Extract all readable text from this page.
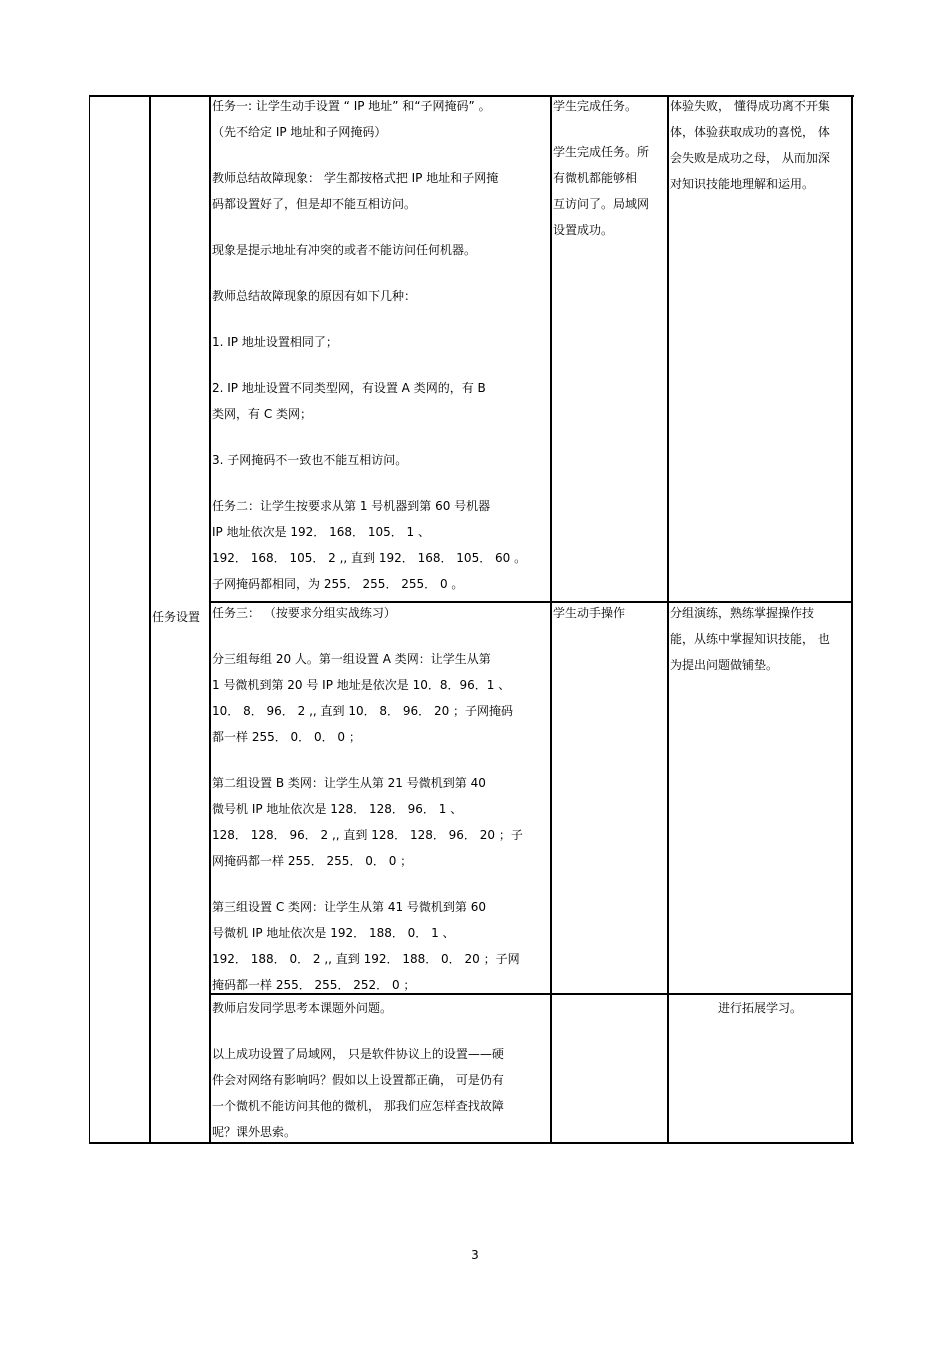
任务设置

任务一: 让学生动手设置 “ IP 地址” 和“子网掩码” 。

（先不给定 IP 地址和子网掩码）

教师总结故障现象： 学生都按格式把 IP 地址和子网掩

码都设置好了，但是却不能互相访问。

现象是提示地址有冲突的或者不能访问任何机器。

教师总结故障现象的原因有如下几种：

1. IP 地址设置相同了；

2. IP 地址设置不同类型网，有设置 A 类网的，有 B

类网，有 C 类网；

3. 子网掩码不一致也不能互相访问。

任务二：让学生按要求从第 1 号机器到第 60 号机器

IP 地址依次是 192． 168． 105． 1 、

192． 168． 105． 2 ,, 直到 192． 168． 105． 60 。

子网掩码都相同，为 255． 255． 255． 0 。

学生完成任务。

学生完成任务。所

有微机都能够相

互访问了。局域网

设置成功。

体验失败， 懂得成功离不开集

体，体验获取成功的喜悦， 体

会失败是成功之母， 从而加深

对知识技能地理解和运用。

任务三： （按要求分组实战练习）

分三组每组 20 人。第一组设置 A 类网：让学生从第

1 号微机到第 20 号 IP 地址是依次是 10．8．96．1 、

10． 8． 96． 2 ,, 直到 10． 8． 96． 20 ；子网掩码

都一样 255． 0． 0． 0 ；

第二组设置 B 类网：让学生从第 21 号微机到第 40

微号机 IP 地址依次是 128． 128． 96． 1 、

128． 128． 96． 2 ,, 直到 128． 128． 96． 20 ；子

网掩码都一样 255． 255． 0． 0 ；

第三组设置 C 类网：让学生从第 41 号微机到第 60

号微机 IP 地址依次是 192． 188． 0． 1 、

192． 188． 0． 2 ,, 直到 192． 188． 0． 20 ；子网

掩码都一样 255． 255． 252． 0 ；

学生动手操作	分组演练，熟练掌握操作技

能，从练中掌握知识技能， 也

为提出问题做铺垫。

教师启发同学思考本课题外问题。

以上成功设置了局域网， 只是软件协议上的设置——硬

件会对网络有影响吗？假如以上设置都正确， 可是仍有

一个微机不能访问其他的微机， 那我们应怎样查找故障

呢？课外思索。

进行拓展学习。

3
